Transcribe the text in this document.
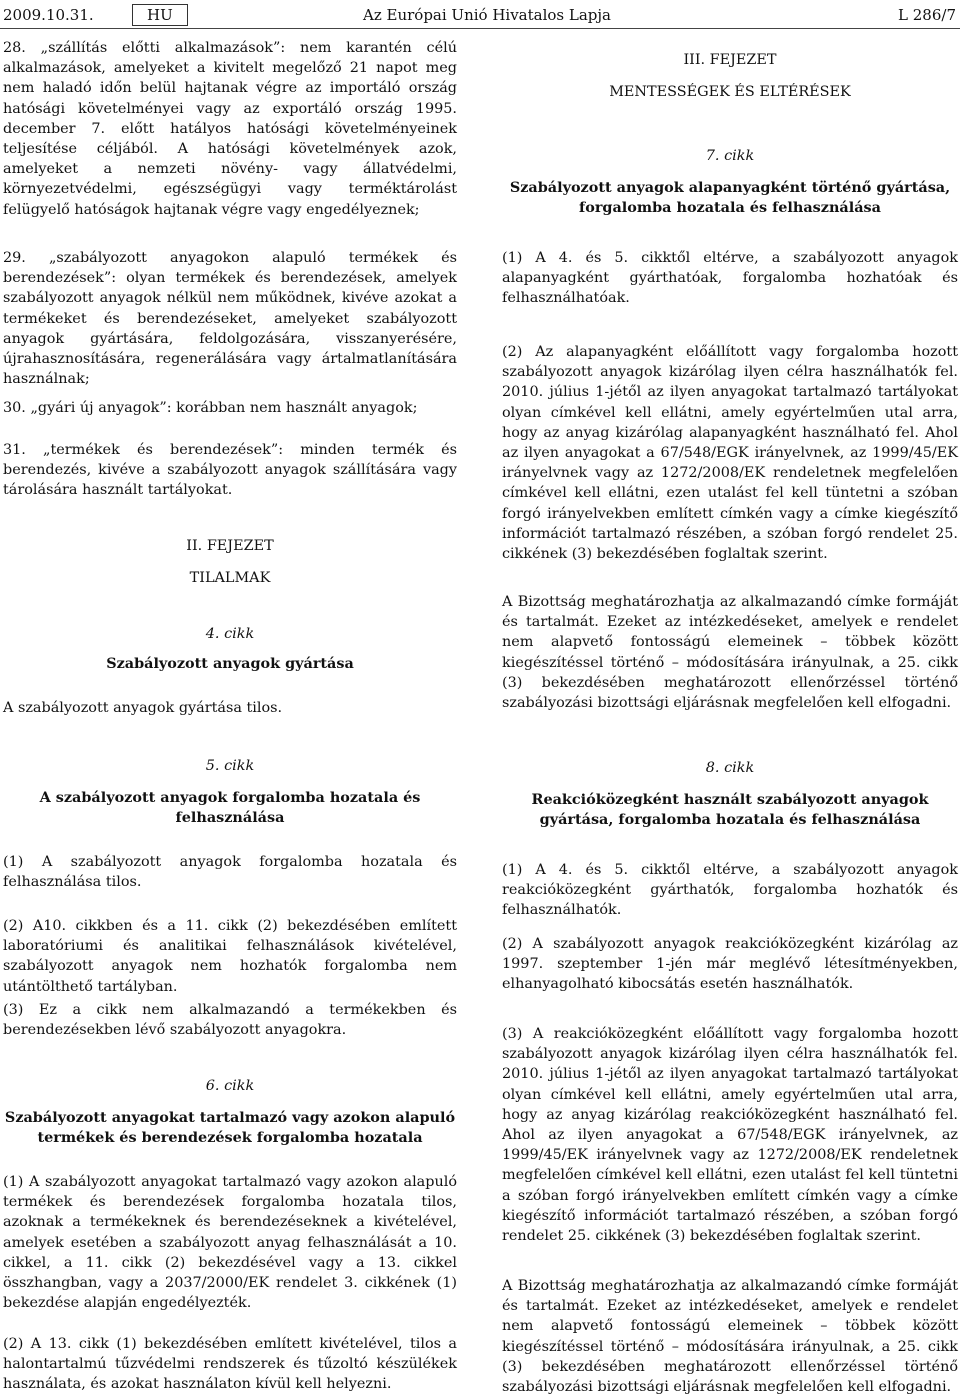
2009.10.31.	HU	Az Európai Unió Hivatalos Lapja	L 286/7

28. „szállítás előtti alkalmazások”: nem karantén célú alkalmazások, amelyeket a kivitelt megelőző 21 napot meg nem haladó időn belül hajtanak végre az importáló ország hatósági követelményei vagy az exportáló ország 1995. december 7. előtt hatályos hatósági követelményeinek teljesítése céljából. A hatósági követelmények azok, amelyeket a nemzeti növény- vagy állatvédelmi, környezetvédelmi, egészségügyi vagy terméktárolást felügyelő hatóságok hajtanak végre vagy engedélyeznek;

29. „szabályozott anyagokon alapuló termékek és berendezések”: olyan termékek és berendezések, amelyek szabályozott anyagok nélkül nem működnek, kivéve azokat a termékeket és berendezéseket, amelyeket szabályozott anyagok gyártására, feldolgozására, visszanyerésére, újrahasznosítására, regenerálására vagy ártalmatlanítására használnak;

30. „gyári új anyagok”: korábban nem használt anyagok;

31. „termékek és berendezések”: minden termék és berendezés, kivéve a szabályozott anyagok szállítására vagy tárolására használt tartályokat.

II. FEJEZET

TILALMAK

4. cikk

Szabályozott anyagok gyártása

A szabályozott anyagok gyártása tilos.

III. FEJEZET

MENTESSÉGEK ÉS ELTÉRÉSEK

7. cikk

Szabályozott anyagok alapanyagként történő gyártása, forgalomba hozatala és felhasználása

(1) A 4. és 5. cikktől eltérve, a szabályozott anyagok alapanyagként gyárthatóak, forgalomba hozhatóak és felhasználhatóak.

(2) Az alapanyagként előállított vagy forgalomba hozott szabályozott anyagok kizárólag ilyen célra használhatók fel. 2010. július 1-jétől az ilyen anyagokat tartalmazó tartályokat olyan címkével kell ellátni, amely egyértelműen utal arra, hogy az anyag kizárólag alapanyagként használható fel. Ahol az ilyen anyagokat a 67/548/EGK irányelvnek, az 1999/45/EK irányelvnek vagy az 1272/2008/EK rendeletnek megfelelően címkével kell ellátni, ezen utalást fel kell tüntetni a szóban forgó irányelvekben említett címkén vagy a címke kiegészítő információt tartalmazó részében, a szóban forgó rendelet 25. cikkének (3) bekezdésében foglaltak szerint.

A Bizottság meghatározhatja az alkalmazandó címke formáját és tartalmát. Ezeket az intézkedéseket, amelyek e rendelet nem alapvető fontosságú elemeinek – többek között kiegészítéssel történő – módosítására irányulnak, a 25. cikk (3) bekezdésében meghatározott ellenőrzéssel történő szabályozási bizottsági eljárásnak megfelelően kell elfogadni.

5. cikk

A szabályozott anyagok forgalomba hozatala és felhasználása

(1) A szabályozott anyagok forgalomba hozatala és felhasználása tilos.

(2) A10. cikkben és a 11. cikk (2) bekezdésében említett laboratóriumi és analitikai felhasználások kivételével, szabályozott anyagok nem hozhatók forgalomba nem utántölthető tartályban.

(3) Ez a cikk nem alkalmazandó a termékekben és berendezésekben lévő szabályozott anyagokra.

6. cikk

Szabályozott anyagokat tartalmazó vagy azokon alapuló termékek és berendezések forgalomba hozatala

(1) A szabályozott anyagokat tartalmazó vagy azokon alapuló termékek és berendezések forgalomba hozatala tilos, azoknak a termékeknek és berendezéseknek a kivételével, amelyek esetében a szabályozott anyag felhasználását a 10. cikkel, a 11. cikk (2) bekezdésével vagy a 13. cikkel összhangban, vagy a 2037/2000/EK rendelet 3. cikkének (1) bekezdése alapján engedélyezték.

(2) A 13. cikk (1) bekezdésében említett kivételével, tilos a halontartalmú tűzvédelmi rendszerek és tűzoltó készülékek használata, és azokat használaton kívül kell helyezni.

8. cikk

Reakcióközegként használt szabályozott anyagok gyártása, forgalomba hozatala és felhasználása

(1) A 4. és 5. cikktől eltérve, a szabályozott anyagok reakcióközegként gyárthatók, forgalomba hozhatók és felhasználhatók.

(2) A szabályozott anyagok reakcióközegként kizárólag az 1997. szeptember 1-jén már meglévő létesítményekben, elhanyagolható kibocsátás esetén használhatók.

(3) A reakcióközegként előállított vagy forgalomba hozott szabályozott anyagok kizárólag ilyen célra használhatók fel. 2010. július 1-jétől az ilyen anyagokat tartalmazó tartályokat olyan címkével kell ellátni, amely egyértelműen utal arra, hogy az anyag kizárólag reakcióközegként használható fel. Ahol az ilyen anyagokat a 67/548/EGK irányelvnek, az 1999/45/EK irányelvnek vagy az 1272/2008/EK rendeletnek megfelelően címkével kell ellátni, ezen utalást fel kell tüntetni a szóban forgó irányelvekben említett címkén vagy a címke kiegészítő információt tartalmazó részében, a szóban forgó rendelet 25. cikkének (3) bekezdésében foglaltak szerint.

A Bizottság meghatározhatja az alkalmazandó címke formáját és tartalmát. Ezeket az intézkedéseket, amelyek e rendelet nem alapvető fontosságú elemeinek – többek között kiegészítéssel történő – módosítására irányulnak, a 25. cikk (3) bekezdésében meghatározott ellenőrzéssel történő szabályozási bizottsági eljárásnak megfelelően kell elfogadni.
